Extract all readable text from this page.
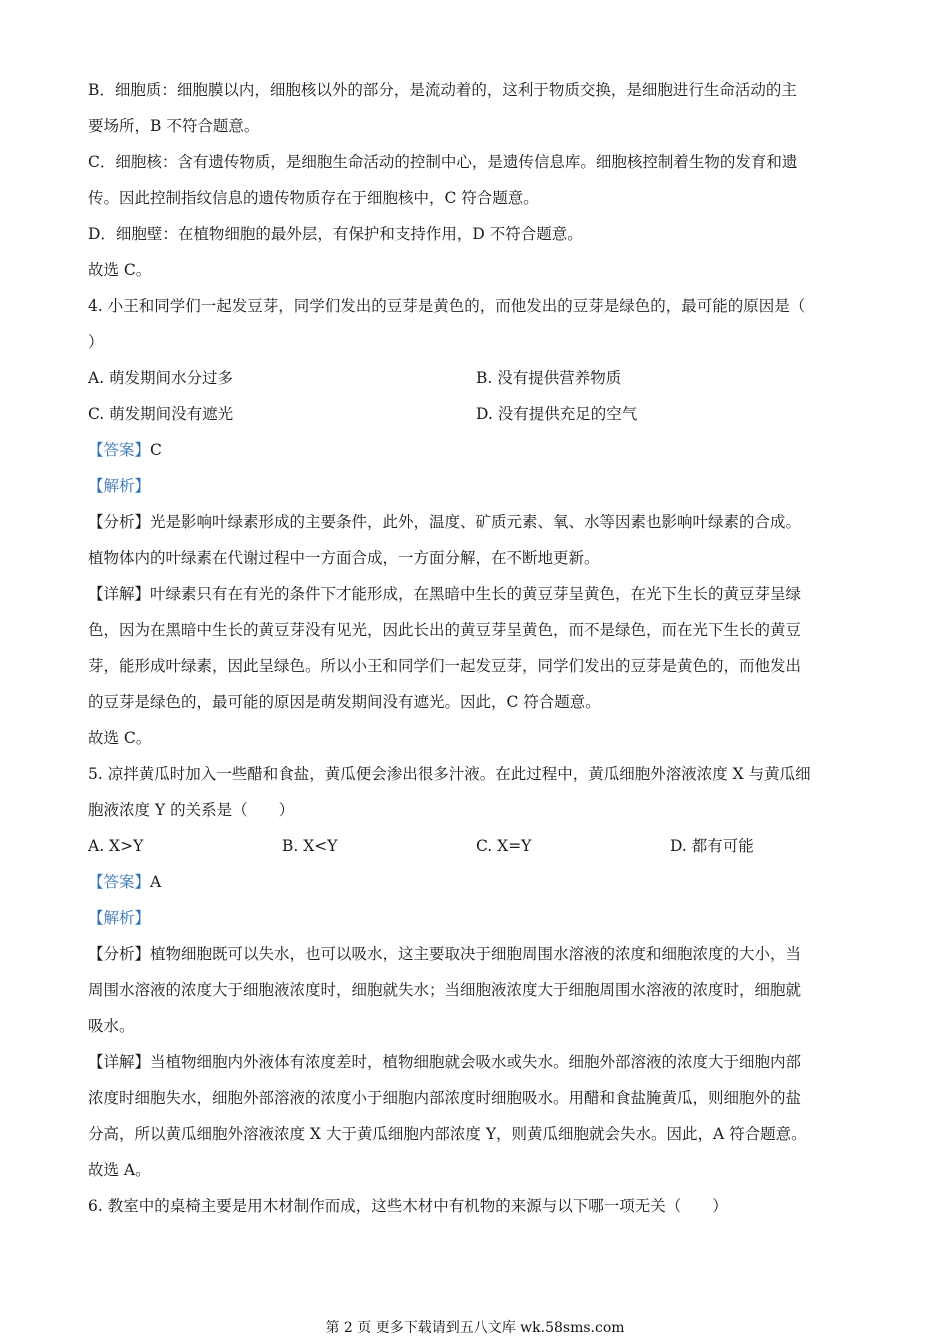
B．细胞质：细胞膜以内，细胞核以外的部分，是流动着的，这利于物质交换，是细胞进行生命活动的主
要场所，B 不符合题意。
C．细胞核：含有遗传物质，是细胞生命活动的控制中心，是遗传信息库。细胞核控制着生物的发育和遗
传。因此控制指纹信息的遗传物质存在于细胞核中，C 符合题意。
D．细胞壁：在植物细胞的最外层，有保护和支持作用，D 不符合题意。
故选 C。
4. 小王和同学们一起发豆芽，同学们发出的豆芽是黄色的，而他发出的豆芽是绿色的，最可能的原因是（
）
A. 萌发期间水分过多	B. 没有提供营养物质
C. 萌发期间没有遮光	D. 没有提供充足的空气
【答案】C
【解析】
【分析】光是影响叶绿素形成的主要条件，此外，温度、矿质元素、氧、水等因素也影响叶绿素的合成。
植物体内的叶绿素在代谢过程中一方面合成，一方面分解，在不断地更新。
【详解】叶绿素只有在有光的条件下才能形成，在黑暗中生长的黄豆芽呈黄色，在光下生长的黄豆芽呈绿
色，因为在黑暗中生长的黄豆芽没有见光，因此长出的黄豆芽呈黄色，而不是绿色，而在光下生长的黄豆
芽，能形成叶绿素，因此呈绿色。所以小王和同学们一起发豆芽，同学们发出的豆芽是黄色的，而他发出
的豆芽是绿色的，最可能的原因是萌发期间没有遮光。因此，C 符合题意。
故选 C。
5. 凉拌黄瓜时加入一些醋和食盐，黄瓜便会渗出很多汁液。在此过程中，黄瓜细胞外溶液浓度 X 与黄瓜细
胞液浓度 Y 的关系是（　　）
A. X>Y	B. X<Y	C. X=Y	D. 都有可能
【答案】A
【解析】
【分析】植物细胞既可以失水，也可以吸水，这主要取决于细胞周围水溶液的浓度和细胞浓度的大小，当
周围水溶液的浓度大于细胞液浓度时，细胞就失水；当细胞液浓度大于细胞周围水溶液的浓度时，细胞就
吸水。
【详解】当植物细胞内外液体有浓度差时，植物细胞就会吸水或失水。细胞外部溶液的浓度大于细胞内部
浓度时细胞失水，细胞外部溶液的浓度小于细胞内部浓度时细胞吸水。用醋和食盐腌黄瓜，则细胞外的盐
分高，所以黄瓜细胞外溶液浓度 X 大于黄瓜细胞内部浓度 Y，则黄瓜细胞就会失水。因此，A 符合题意。
故选 A。
6. 教室中的桌椅主要是用木材制作而成，这些木材中有机物的来源与以下哪一项无关（　　）
第 2 页 更多下载请到五八文库 wk.58sms.com
